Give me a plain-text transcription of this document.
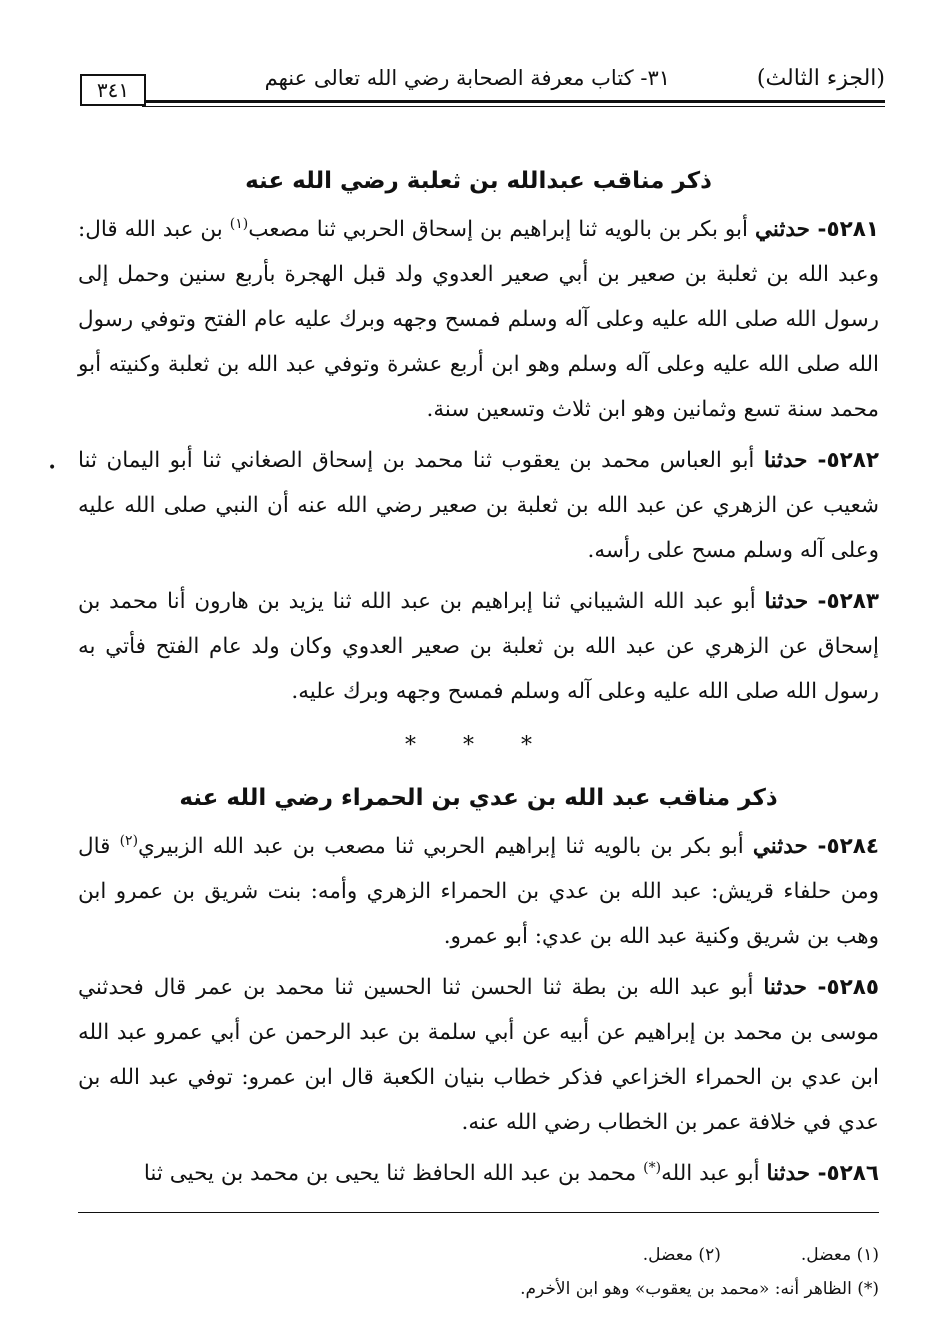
(الجزء الثالث)
٣١- كتاب معرفة الصحابة رضي الله تعالى عنهم
٣٤١
•
ذكر مناقب عبدالله بن ثعلبة رضي الله عنه

٥٢٨١- حدثني أبو بكر بن بالويه ثنا إبراهيم بن إسحاق الحربي ثنا مصعب$^{(١)}$ بن عبد الله قال: وعبد الله بن ثعلبة بن صعير بن أبي صعير العدوي ولد قبل الهجرة بأربع سنين وحمل إلى رسول الله صلى الله عليه وعلى آله وسلم فمسح وجهه وبرك عليه عام الفتح وتوفي رسول الله صلى الله عليه وعلى آله وسلم وهو ابن أربع عشرة وتوفي عبد الله بن ثعلبة وكنيته أبو محمد سنة تسع وثمانين وهو ابن ثلاث وتسعين سنة.

٥٢٨٢- حدثنا أبو العباس محمد بن يعقوب ثنا محمد بن إسحاق الصغاني ثنا أبو اليمان ثنا شعيب عن الزهري عن عبد الله بن ثعلبة بن صعير رضي الله عنه أن النبي صلى الله عليه وعلى آله وسلم مسح على رأسه.

٥٢٨٣- حدثنا أبو عبد الله الشيباني ثنا إبراهيم بن عبد الله ثنا يزيد بن هارون أنا محمد بن إسحاق عن الزهري عن عبد الله بن ثعلبة بن صعير العدوي وكان ولد عام الفتح فأتي به رسول الله صلى الله عليه وعلى آله وسلم فمسح وجهه وبرك عليه.

* * *

ذكر مناقب عبد الله بن عدي بن الحمراء رضي الله عنه

٥٢٨٤- حدثني أبو بكر بن بالويه ثنا إبراهيم الحربي ثنا مصعب بن عبد الله الزبيري$^{(٢)}$ قال ومن حلفاء قريش: عبد الله بن عدي بن الحمراء الزهري وأمه: بنت شريق بن عمرو ابن وهب بن شريق وكنية عبد الله بن عدي: أبو عمرو.

٥٢٨٥- حدثنا أبو عبد الله بن بطة ثنا الحسن ثنا الحسين ثنا محمد بن عمر قال فحدثني موسى بن محمد بن إبراهيم عن أبيه عن أبي سلمة بن عبد الرحمن عن أبي عمرو عبد الله ابن عدي بن الحمراء الخزاعي فذكر خطاب بنيان الكعبة قال ابن عمرو: توفي عبد الله بن عدي في خلافة عمر بن الخطاب رضي الله عنه.

٥٢٨٦- حدثنا أبو عبد الله(*) محمد بن عبد الله الحافظ ثنا يحيى بن محمد بن يحيى ثنا

(١) معضل.
(٢) معضل.
(*) الظاهر أنه: «محمد بن يعقوب» وهو ابن الأخرم.
